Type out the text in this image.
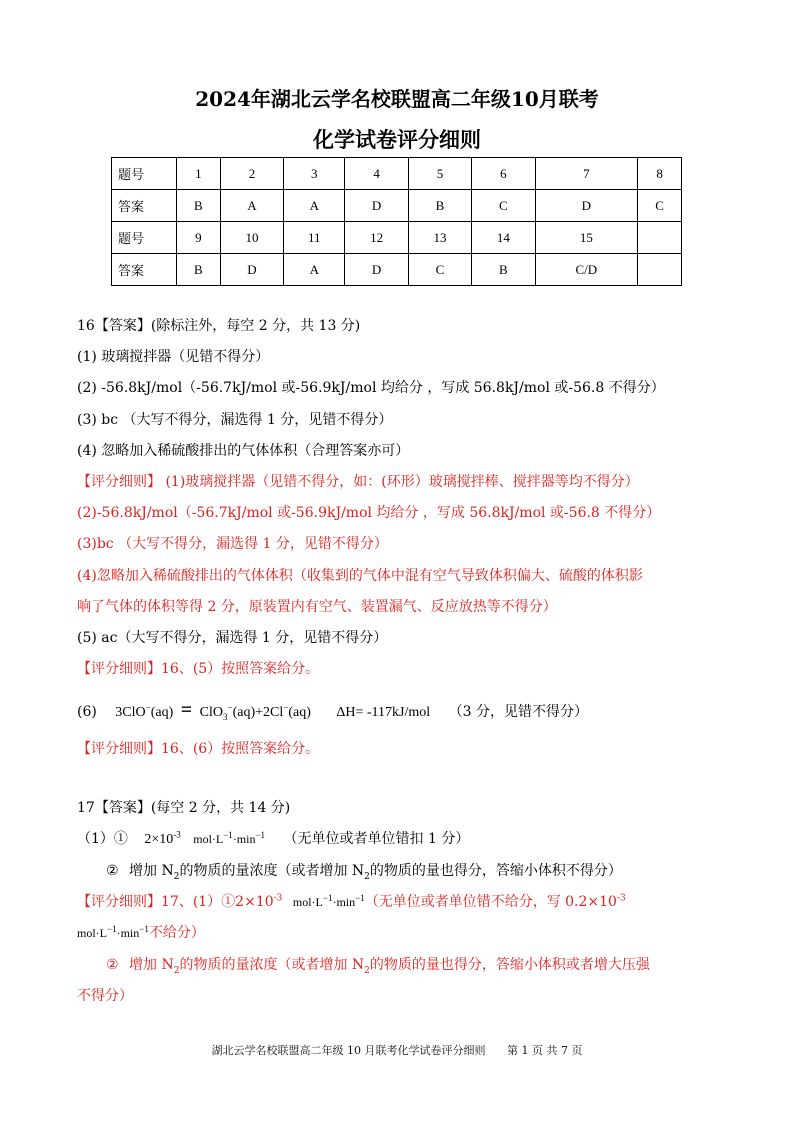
2024年湖北云学名校联盟高二年级10月联考
化学试卷评分细则
题号	1	2	3	4	5	6	7	8
答案	B	A	A	D	B	C	D	C
题号	9	10	11	12	13	14	15	
答案	B	D	A	D	C	B	C/D	
16【答案】(除标注外，每空 2 分，共 13 分)
(1) 玻璃搅拌器（见错不得分）
(2) -56.8kJ/mol（-56.7kJ/mol 或-56.9kJ/mol 均给分 ，写成 56.8kJ/mol 或-56.8 不得分）
(3) bc （大写不得分，漏选得 1 分，见错不得分）
(4) 忽略加入稀硫酸排出的气体体积（合理答案亦可）
【评分细则】 (1)玻璃搅拌器（见错不得分，如：(环形）玻璃搅拌棒、搅拌器等均不得分）
(2)-56.8kJ/mol（-56.7kJ/mol 或-56.9kJ/mol 均给分 ，写成 56.8kJ/mol 或-56.8 不得分）
(3)bc （大写不得分，漏选得 1 分，见错不得分）
(4)忽略加入稀硫酸排出的气体体积（收集到的气体中混有空气导致体积偏大、硫酸的体积影
响了气体的体积等得 2 分，原装置内有空气、装置漏气、反应放热等不得分）
(5) ac（大写不得分，漏选得 1 分，见错不得分）
【评分细则】16、(5）按照答案给分。
(6) 3ClO−(aq) = ClO$_3$−(aq)+2Cl−(aq) ΔH= -117kJ/mol （3 分，见错不得分）
【评分细则】16、(6）按照答案给分。
17【答案】(每空 2 分，共 14 分)
（1）① $2\times 10^{-3}$ $mol\cdot L^{-1}\cdot\min^{-1}$ （无单位或者单位错扣 1 分）
② 增加 $N_2$的物质的量浓度（或者增加 $N_2$的物质的量也得分，答缩小体积不得分）
【评分细则】17、$(1)①2\times 10^{-3}$ $mol\cdot L^{-1}\cdot\min^{-1}$（无单位或者单位错不给分，写 $0.2\times 10^{-3}$
$mol\cdot L^{-1}\cdot\min^{-1}$不给分）
② 增加 $N_2$的物质的量浓度（或者增加 $N_2$的物质的量也得分，答缩小体积或者增大压强
不得分）
湖北云学名校联盟高二年级 10 月联考化学试卷评分细则 第 1 页 共 7 页
